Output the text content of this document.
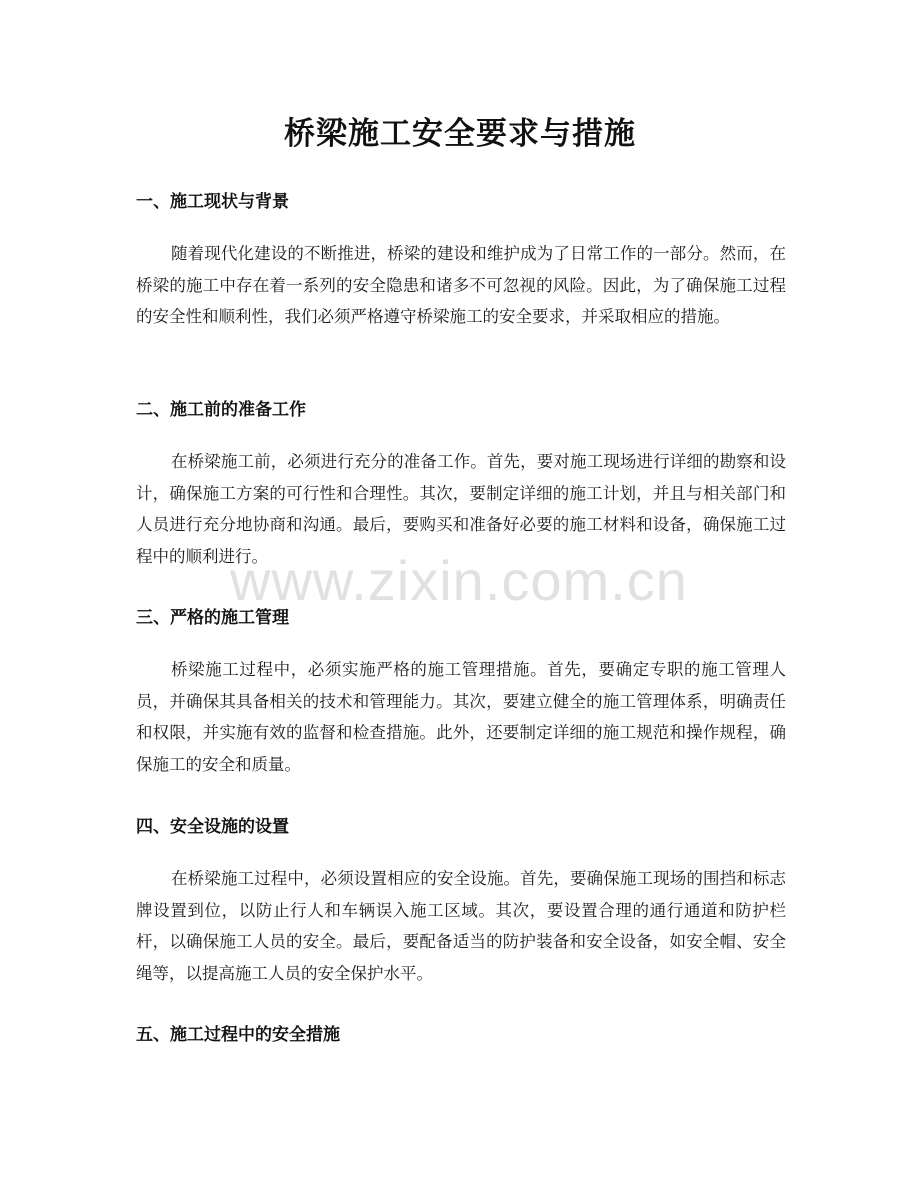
桥梁施工安全要求与措施
一、施工现状与背景

随着现代化建设的不断推进，桥梁的建设和维护成为了日常工作的一部分。然而，在桥梁的施工中存在着一系列的安全隐患和诸多不可忽视的风险。因此，为了确保施工过程的安全性和顺利性，我们必须严格遵守桥梁施工的安全要求，并采取相应的措施。

二、施工前的准备工作

在桥梁施工前，必须进行充分的准备工作。首先，要对施工现场进行详细的勘察和设计，确保施工方案的可行性和合理性。其次，要制定详细的施工计划，并且与相关部门和人员进行充分地协商和沟通。最后，要购买和准备好必要的施工材料和设备，确保施工过程中的顺利进行。

三、严格的施工管理

桥梁施工过程中，必须实施严格的施工管理措施。首先，要确定专职的施工管理人员，并确保其具备相关的技术和管理能力。其次，要建立健全的施工管理体系，明确责任和权限，并实施有效的监督和检查措施。此外，还要制定详细的施工规范和操作规程，确保施工的安全和质量。

四、安全设施的设置

在桥梁施工过程中，必须设置相应的安全设施。首先，要确保施工现场的围挡和标志牌设置到位，以防止行人和车辆误入施工区域。其次，要设置合理的通行通道和防护栏杆，以确保施工人员的安全。最后，要配备适当的防护装备和安全设备，如安全帽、安全绳等，以提高施工人员的安全保护水平。

五、施工过程中的安全措施
www.zixin.com.cn
